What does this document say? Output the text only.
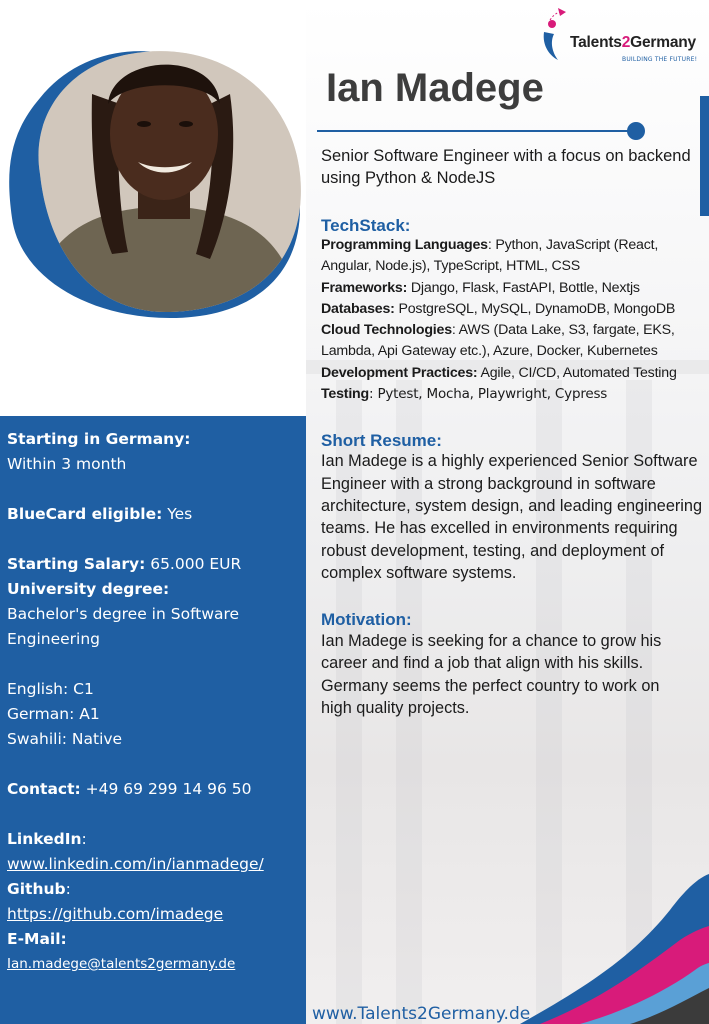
Talents2Germany
BUILDING THE FUTURE!
Ian Madege
Senior Software Engineer with a focus on backend using Python & NodeJS
TechStack:
Programming Languages: Python, JavaScript (React, Angular, Node.js), TypeScript, HTML, CSS
Frameworks: Django, Flask, FastAPI, Bottle, Nextjs
Databases: PostgreSQL, MySQL, DynamoDB, MongoDB
Cloud Technologies: AWS (Data Lake, S3, fargate, EKS, Lambda, Api Gateway etc.), Azure, Docker, Kubernetes
Development Practices: Agile, CI/CD, Automated Testing
Testing: Pytest, Mocha, Playwright, Cypress
Short Resume:
Ian Madege is a highly experienced Senior Software Engineer with a strong background in software architecture, system design, and leading engineering teams. He has excelled in environments requiring robust development, testing, and deployment of complex software systems.
Motivation:
Ian Madege is seeking for a chance to grow his career and find a job that align with his skills. Germany seems the perfect country to work on high quality projects.
Starting in Germany:
Within 3 month
BlueCard eligible: Yes
Starting Salary: 65.000 EUR
University degree:
Bachelor's degree in Software Engineering
English: C1
German: A1
Swahili: Native
Contact: +49 69 299 14 96 50
LinkedIn:
www.linkedin.com/in/ianmadege/
Github:
https://github.com/imadege
E-Mail:
Ian.madege@talents2germany.de
www.Talents2Germany.de
